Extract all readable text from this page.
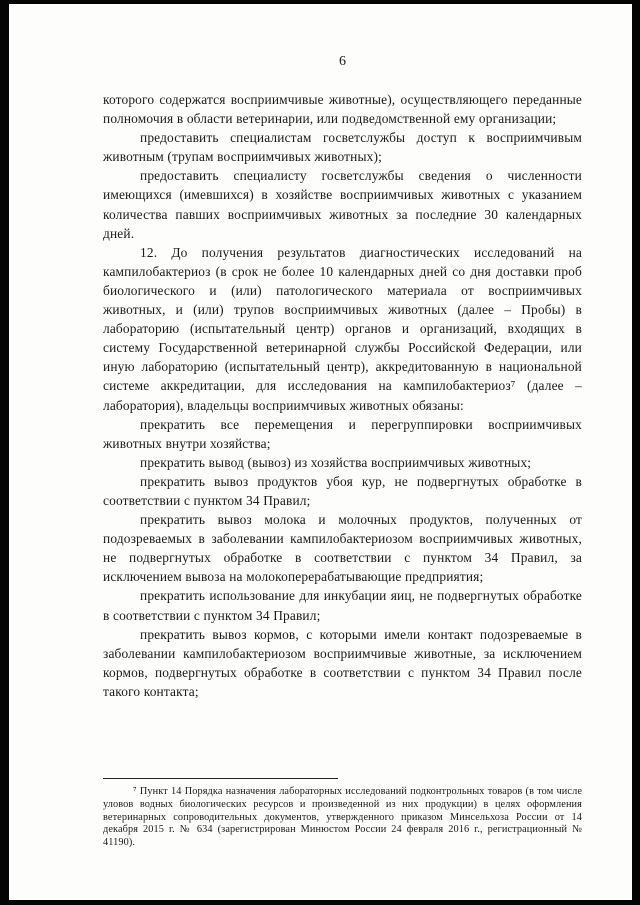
6

которого содержатся восприимчивые животные), осуществляющего переданные полномочия в области ветеринарии, или подведомственной ему организации;

предоставить специалистам госветслужбы доступ к восприимчивым животным (трупам восприимчивых животных);

предоставить специалисту госветслужбы сведения о численности имеющихся (имевшихся) в хозяйстве восприимчивых животных с указанием количества павших восприимчивых животных за последние 30 календарных дней.

12. До получения результатов диагностических исследований на кампилобактериоз (в срок не более 10 календарных дней со дня доставки проб биологического и (или) патологического материала от восприимчивых животных, и (или) трупов восприимчивых животных (далее – Пробы) в лабораторию (испытательный центр) органов и организаций, входящих в систему Государственной ветеринарной службы Российской Федерации, или иную лабораторию (испытательный центр), аккредитованную в национальной системе аккредитации, для исследования на кампилобактериоз⁷ (далее – лаборатория), владельцы восприимчивых животных обязаны:

прекратить все перемещения и перегруппировки восприимчивых животных внутри хозяйства;

прекратить вывод (вывоз) из хозяйства восприимчивых животных;

прекратить вывоз продуктов убоя кур, не подвергнутых обработке в соответствии с пунктом 34 Правил;

прекратить вывоз молока и молочных продуктов, полученных от подозреваемых в заболевании кампилобактериозом восприимчивых животных, не подвергнутых обработке в соответствии с пунктом 34 Правил, за исключением вывоза на молокоперерабатывающие предприятия;

прекратить использование для инкубации яиц, не подвергнутых обработке в соответствии с пунктом 34 Правил;

прекратить вывоз кормов, с которыми имели контакт подозреваемые в заболевании кампилобактериозом восприимчивые животные, за исключением кормов, подвергнутых обработке в соответствии с пунктом 34 Правил после такого контакта;

⁷ Пункт 14 Порядка назначения лабораторных исследований подконтрольных товаров (в том числе уловов водных биологических ресурсов и произведенной из них продукции) в целях оформления ветеринарных сопроводительных документов, утвержденного приказом Минсельхоза России от 14 декабря 2015 г. № 634 (зарегистрирован Минюстом России 24 февраля 2016 г., регистрационный № 41190).
